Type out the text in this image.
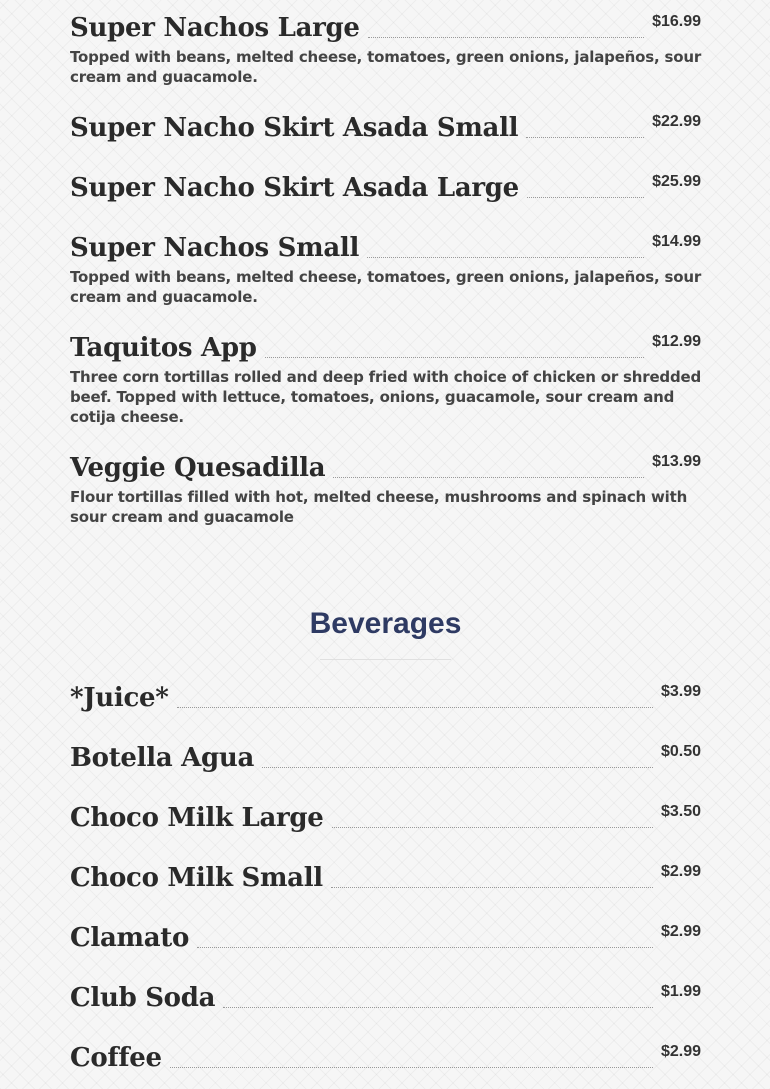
Super Nachos Large	$16.99
Topped with beans, melted cheese, tomatoes, green onions, jalapeños, sour cream and guacamole.
Super Nacho Skirt Asada Small	$22.99
Super Nacho Skirt Asada Large	$25.99
Super Nachos Small	$14.99
Topped with beans, melted cheese, tomatoes, green onions, jalapeños, sour cream and guacamole.
Taquitos App	$12.99
Three corn tortillas rolled and deep fried with choice of chicken or shredded beef. Topped with lettuce, tomatoes, onions, guacamole, sour cream and cotija cheese.
Veggie Quesadilla	$13.99
Flour tortillas filled with hot, melted cheese, mushrooms and spinach with sour cream and guacamole
Beverages
*Juice*	$3.99
Botella Agua	$0.50
Choco Milk Large	$3.50
Choco Milk Small	$2.99
Clamato	$2.99
Club Soda	$1.99
Coffee	$2.99
